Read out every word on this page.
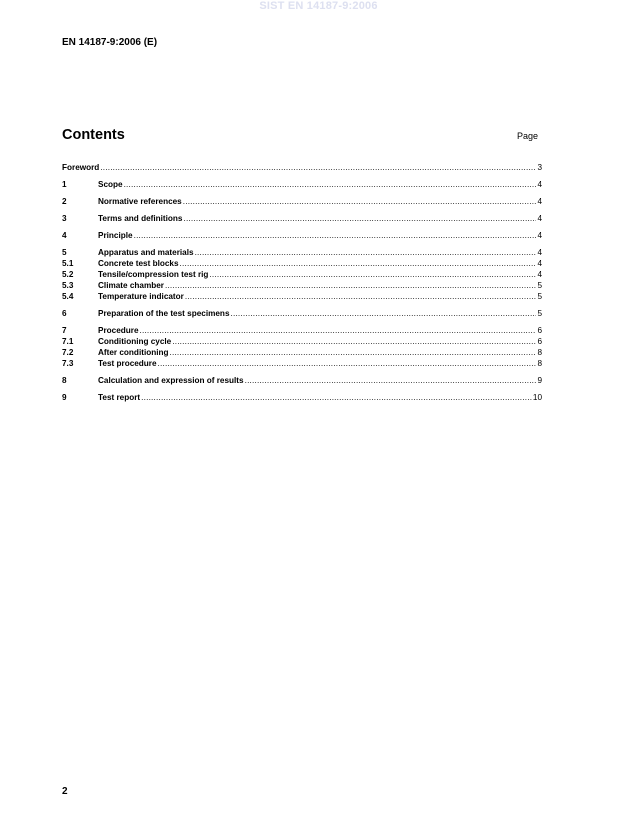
SIST EN 14187-9:2006
EN 14187-9:2006 (E)
Contents	Page
Foreword .....	3
1	Scope .....	4
2	Normative references .....	4
3	Terms and definitions .....	4
4	Principle .....	4
5	Apparatus and materials .....	4
5.1	Concrete test blocks .....	4
5.2	Tensile/compression test rig .....	4
5.3	Climate chamber .....	5
5.4	Temperature indicator .....	5
6	Preparation of the test specimens .....	5
7	Procedure .....	6
7.1	Conditioning cycle .....	6
7.2	After conditioning .....	8
7.3	Test procedure .....	8
8	Calculation and expression of results .....	9
9	Test report .....	10
2
